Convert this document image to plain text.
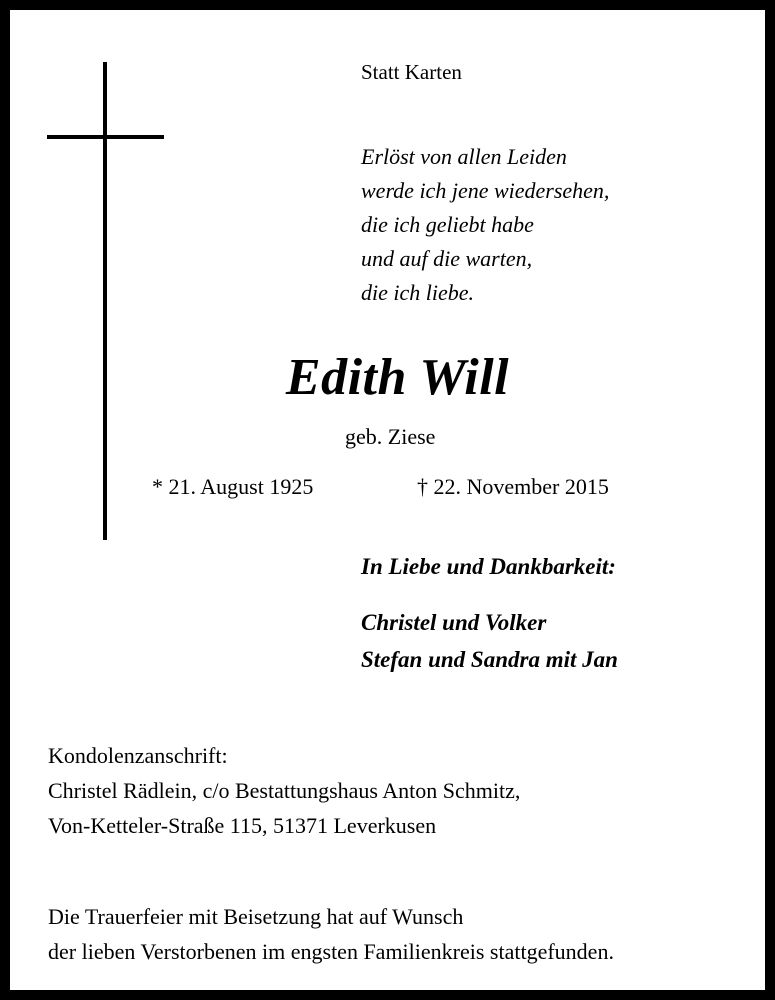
Statt Karten

Erlöst von allen Leiden
werde ich jene wiedersehen,
die ich geliebt habe
und auf die warten,
die ich liebe.

Edith Will

geb. Ziese

* 21. August 1925	† 22. November 2015

In Liebe und Dankbarkeit:

Christel und Volker
Stefan und Sandra mit Jan
Kondolenzanschrift:
Christel Rädlein, c/o Bestattungshaus Anton Schmitz,
Von-Ketteler-Straße 115, 51371 Leverkusen
Die Trauerfeier mit Beisetzung hat auf Wunsch
der lieben Verstorbenen im engsten Familienkreis stattgefunden.
